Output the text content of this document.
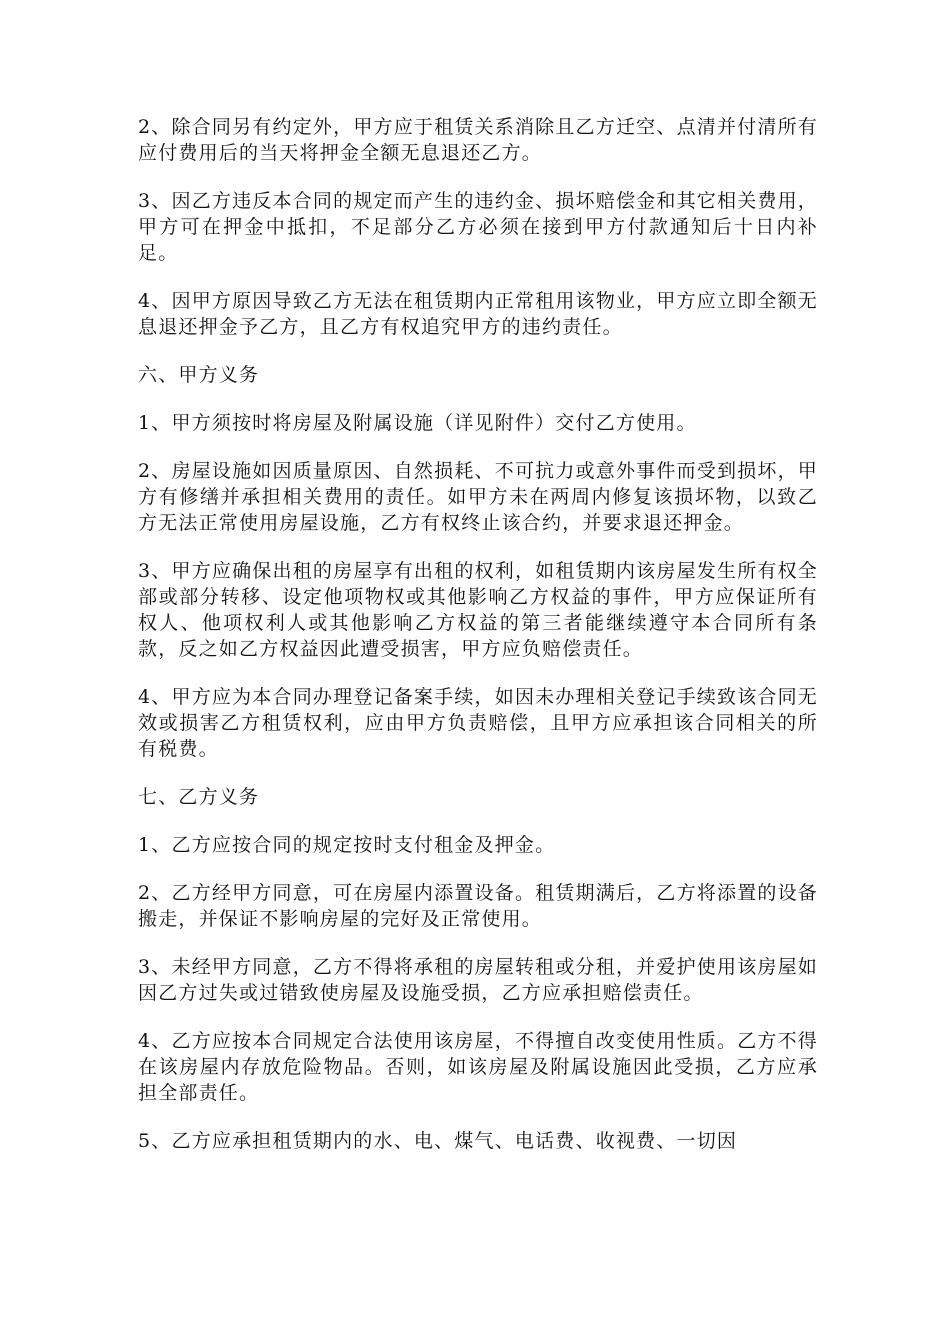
2、除合同另有约定外，甲方应于租赁关系消除且乙方迁空、点清并付清所有应付费用后的当天将押金全额无息退还乙方。

3、因乙方违反本合同的规定而产生的违约金、损坏赔偿金和其它相关费用，甲方可在押金中抵扣，不足部分乙方必须在接到甲方付款通知后十日内补足。

4、因甲方原因导致乙方无法在租赁期内正常租用该物业，甲方应立即全额无息退还押金予乙方，且乙方有权追究甲方的违约责任。

六、甲方义务

1、甲方须按时将房屋及附属设施（详见附件）交付乙方使用。

2、房屋设施如因质量原因、自然损耗、不可抗力或意外事件而受到损坏，甲方有修缮并承担相关费用的责任。如甲方未在两周内修复该损坏物，以致乙方无法正常使用房屋设施，乙方有权终止该合约，并要求退还押金。

3、甲方应确保出租的房屋享有出租的权利，如租赁期内该房屋发生所有权全部或部分转移、设定他项物权或其他影响乙方权益的事件，甲方应保证所有权人、他项权利人或其他影响乙方权益的第三者能继续遵守本合同所有条款，反之如乙方权益因此遭受损害，甲方应负赔偿责任。

4、甲方应为本合同办理登记备案手续，如因未办理相关登记手续致该合同无效或损害乙方租赁权利，应由甲方负责赔偿，且甲方应承担该合同相关的所有税费。

七、乙方义务

1、乙方应按合同的规定按时支付租金及押金。

2、乙方经甲方同意，可在房屋内添置设备。租赁期满后，乙方将添置的设备搬走，并保证不影响房屋的完好及正常使用。

3、未经甲方同意，乙方不得将承租的房屋转租或分租，并爱护使用该房屋如因乙方过失或过错致使房屋及设施受损，乙方应承担赔偿责任。

4、乙方应按本合同规定合法使用该房屋，不得擅自改变使用性质。乙方不得在该房屋内存放危险物品。否则，如该房屋及附属设施因此受损，乙方应承担全部责任。

5、乙方应承担租赁期内的水、电、煤气、电话费、收视费、一切因
